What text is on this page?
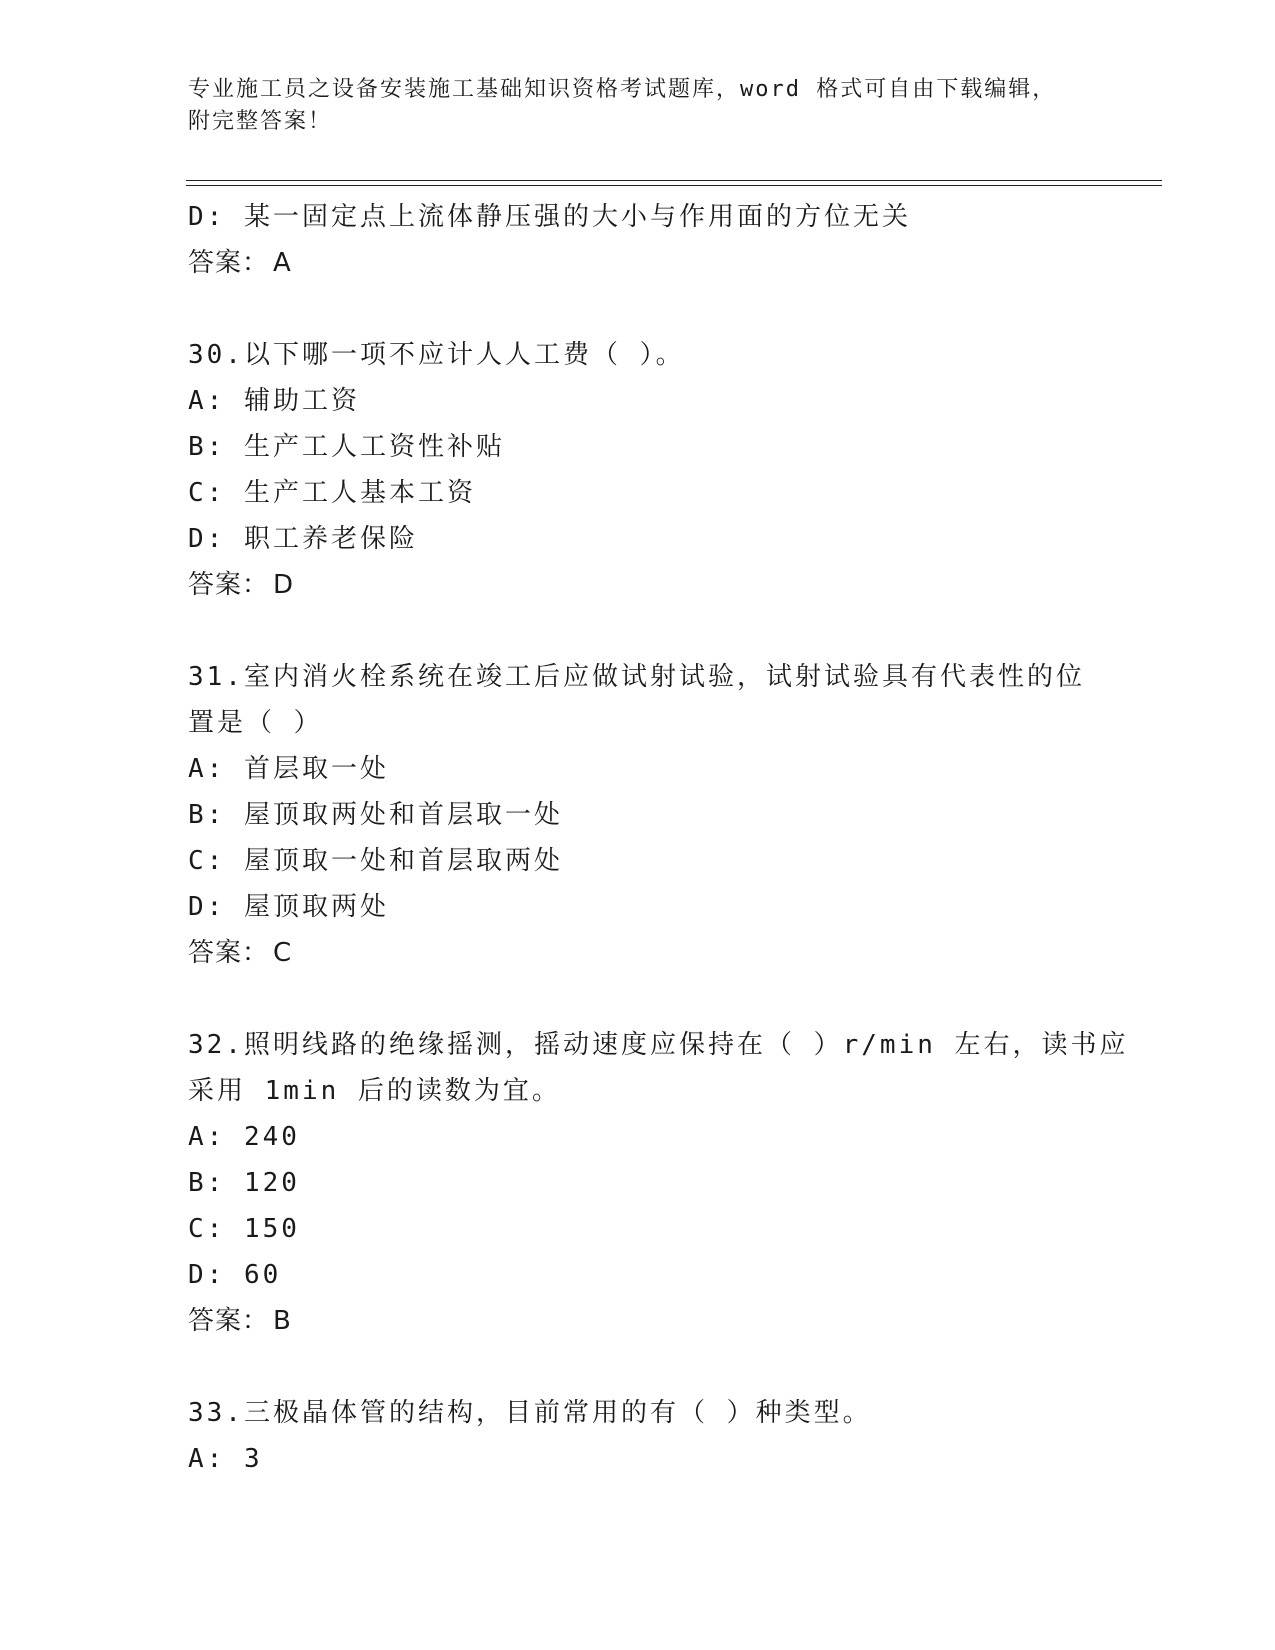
专业施工员之设备安装施工基础知识资格考试题库，word 格式可自由下载编辑，
附完整答案！
D: 某一固定点上流体静压强的大小与作用面的方位无关
答案： A
30.以下哪一项不应计人人工费（ ）。
A: 辅助工资
B: 生产工人工资性补贴
C: 生产工人基本工资
D: 职工养老保险
答案： D
31.室内消火栓系统在竣工后应做试射试验，试射试验具有代表性的位
置是（ ）
A: 首层取一处
B: 屋顶取两处和首层取一处
C: 屋顶取一处和首层取两处
D: 屋顶取两处
答案： C
32.照明线路的绝缘摇测，摇动速度应保持在（ ）r/min 左右，读书应
采用 1min 后的读数为宜。
A: 240
B: 120
C: 150
D: 60
答案： B
33.三极晶体管的结构，目前常用的有（ ）种类型。
A: 3
